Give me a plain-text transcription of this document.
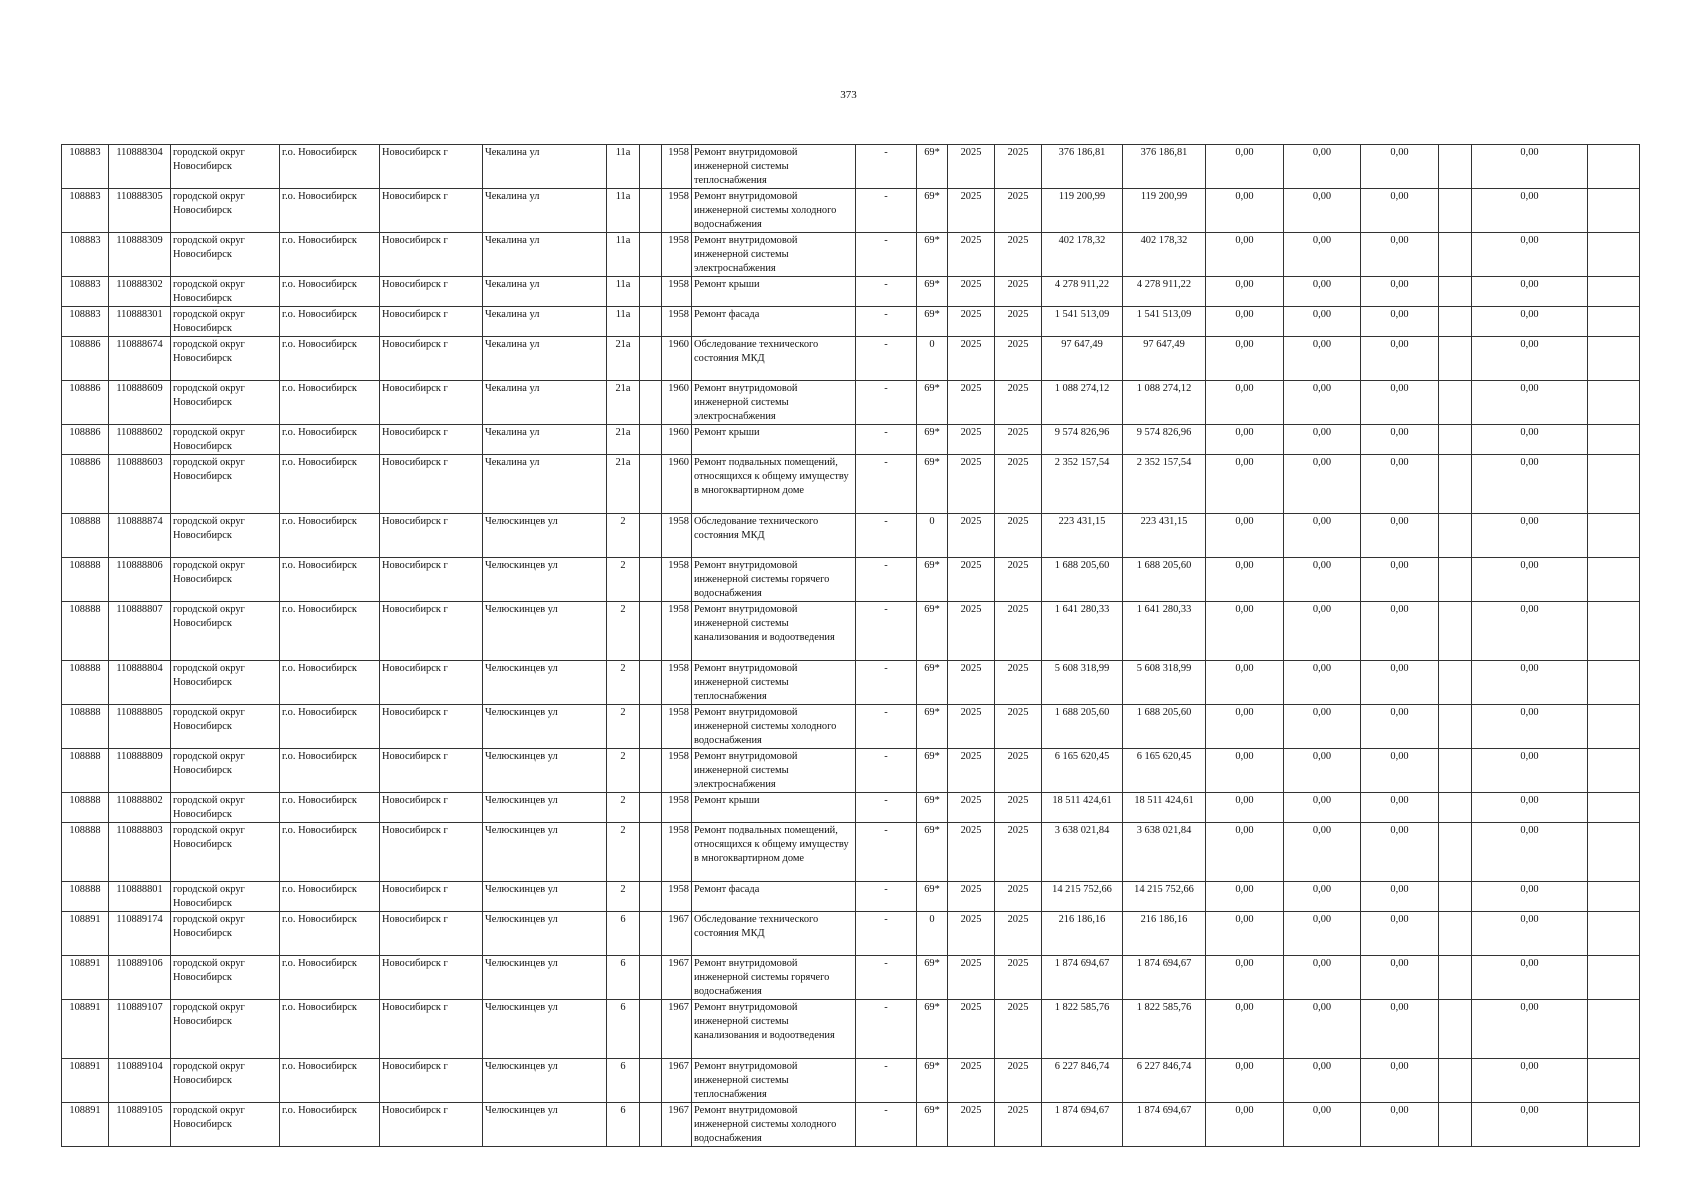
373
108883	110888304	городской округ Новосибирск	г.о. Новосибирск	Новосибирск г	Чекалина ул	11а		1958	Ремонт внутридомовой инженерной системы теплоснабжения	-	69*	2025	2025	376 186,81	376 186,81	0,00	0,00	0,00		0,00	
108883	110888305	городской округ Новосибирск	г.о. Новосибирск	Новосибирск г	Чекалина ул	11а		1958	Ремонт внутридомовой инженерной системы холодного водоснабжения	-	69*	2025	2025	119 200,99	119 200,99	0,00	0,00	0,00		0,00	
108883	110888309	городской округ Новосибирск	г.о. Новосибирск	Новосибирск г	Чекалина ул	11а		1958	Ремонт внутридомовой инженерной системы электроснабжения	-	69*	2025	2025	402 178,32	402 178,32	0,00	0,00	0,00		0,00	
108883	110888302	городской округ Новосибирск	г.о. Новосибирск	Новосибирск г	Чекалина ул	11а		1958	Ремонт крыши	-	69*	2025	2025	4 278 911,22	4 278 911,22	0,00	0,00	0,00		0,00	
108883	110888301	городской округ Новосибирск	г.о. Новосибирск	Новосибирск г	Чекалина ул	11а		1958	Ремонт фасада	-	69*	2025	2025	1 541 513,09	1 541 513,09	0,00	0,00	0,00		0,00	
108886	110888674	городской округ Новосибирск	г.о. Новосибирск	Новосибирск г	Чекалина ул	21а		1960	Обследование технического состояния МКД	-	0	2025	2025	97 647,49	97 647,49	0,00	0,00	0,00		0,00	
108886	110888609	городской округ Новосибирск	г.о. Новосибирск	Новосибирск г	Чекалина ул	21а		1960	Ремонт внутридомовой инженерной системы электроснабжения	-	69*	2025	2025	1 088 274,12	1 088 274,12	0,00	0,00	0,00		0,00	
108886	110888602	городской округ Новосибирск	г.о. Новосибирск	Новосибирск г	Чекалина ул	21а		1960	Ремонт крыши	-	69*	2025	2025	9 574 826,96	9 574 826,96	0,00	0,00	0,00		0,00	
108886	110888603	городской округ Новосибирск	г.о. Новосибирск	Новосибирск г	Чекалина ул	21а		1960	Ремонт подвальных помещений, относящихся к общему имуществу в многоквартирном доме	-	69*	2025	2025	2 352 157,54	2 352 157,54	0,00	0,00	0,00		0,00	
108888	110888874	городской округ Новосибирск	г.о. Новосибирск	Новосибирск г	Челюскинцев ул	2		1958	Обследование технического состояния МКД	-	0	2025	2025	223 431,15	223 431,15	0,00	0,00	0,00		0,00	
108888	110888806	городской округ Новосибирск	г.о. Новосибирск	Новосибирск г	Челюскинцев ул	2		1958	Ремонт внутридомовой инженерной системы горячего водоснабжения	-	69*	2025	2025	1 688 205,60	1 688 205,60	0,00	0,00	0,00		0,00	
108888	110888807	городской округ Новосибирск	г.о. Новосибирск	Новосибирск г	Челюскинцев ул	2		1958	Ремонт внутридомовой инженерной системы канализования и водоотведения	-	69*	2025	2025	1 641 280,33	1 641 280,33	0,00	0,00	0,00		0,00	
108888	110888804	городской округ Новосибирск	г.о. Новосибирск	Новосибирск г	Челюскинцев ул	2		1958	Ремонт внутридомовой инженерной системы теплоснабжения	-	69*	2025	2025	5 608 318,99	5 608 318,99	0,00	0,00	0,00		0,00	
108888	110888805	городской округ Новосибирск	г.о. Новосибирск	Новосибирск г	Челюскинцев ул	2		1958	Ремонт внутридомовой инженерной системы холодного водоснабжения	-	69*	2025	2025	1 688 205,60	1 688 205,60	0,00	0,00	0,00		0,00	
108888	110888809	городской округ Новосибирск	г.о. Новосибирск	Новосибирск г	Челюскинцев ул	2		1958	Ремонт внутридомовой инженерной системы электроснабжения	-	69*	2025	2025	6 165 620,45	6 165 620,45	0,00	0,00	0,00		0,00	
108888	110888802	городской округ Новосибирск	г.о. Новосибирск	Новосибирск г	Челюскинцев ул	2		1958	Ремонт крыши	-	69*	2025	2025	18 511 424,61	18 511 424,61	0,00	0,00	0,00		0,00	
108888	110888803	городской округ Новосибирск	г.о. Новосибирск	Новосибирск г	Челюскинцев ул	2		1958	Ремонт подвальных помещений, относящихся к общему имуществу в многоквартирном доме	-	69*	2025	2025	3 638 021,84	3 638 021,84	0,00	0,00	0,00		0,00	
108888	110888801	городской округ Новосибирск	г.о. Новосибирск	Новосибирск г	Челюскинцев ул	2		1958	Ремонт фасада	-	69*	2025	2025	14 215 752,66	14 215 752,66	0,00	0,00	0,00		0,00	
108891	110889174	городской округ Новосибирск	г.о. Новосибирск	Новосибирск г	Челюскинцев ул	6		1967	Обследование технического состояния МКД	-	0	2025	2025	216 186,16	216 186,16	0,00	0,00	0,00		0,00	
108891	110889106	городской округ Новосибирск	г.о. Новосибирск	Новосибирск г	Челюскинцев ул	6		1967	Ремонт внутридомовой инженерной системы горячего водоснабжения	-	69*	2025	2025	1 874 694,67	1 874 694,67	0,00	0,00	0,00		0,00	
108891	110889107	городской округ Новосибирск	г.о. Новосибирск	Новосибирск г	Челюскинцев ул	6		1967	Ремонт внутридомовой инженерной системы канализования и водоотведения	-	69*	2025	2025	1 822 585,76	1 822 585,76	0,00	0,00	0,00		0,00	
108891	110889104	городской округ Новосибирск	г.о. Новосибирск	Новосибирск г	Челюскинцев ул	6		1967	Ремонт внутридомовой инженерной системы теплоснабжения	-	69*	2025	2025	6 227 846,74	6 227 846,74	0,00	0,00	0,00		0,00	
108891	110889105	городской округ Новосибирск	г.о. Новосибирск	Новосибирск г	Челюскинцев ул	6		1967	Ремонт внутридомовой инженерной системы холодного водоснабжения	-	69*	2025	2025	1 874 694,67	1 874 694,67	0,00	0,00	0,00		0,00	
